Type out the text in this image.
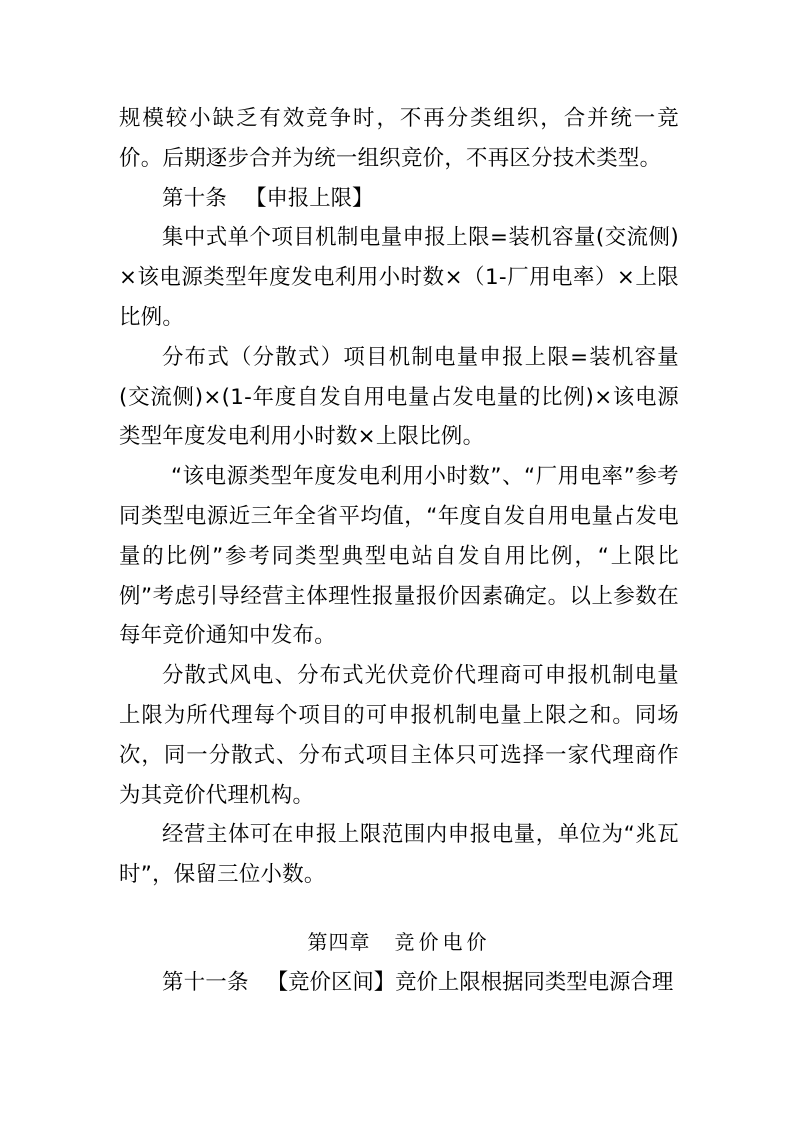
规模较小缺乏有效竞争时，不再分类组织，合并统一竞价。后期逐步合并为统一组织竞价，不再区分技术类型。

第十条 【申报上限】

集中式单个项目机制电量申报上限=装机容量(交流侧)×该电源类型年度发电利用小时数×（1-厂用电率）×上限比例。

分布式（分散式）项目机制电量申报上限=装机容量(交流侧)×(1-年度自发自用电量占发电量的比例)×该电源类型年度发电利用小时数×上限比例。

“该电源类型年度发电利用小时数”、“厂用电率”参考同类型电源近三年全省平均值，“年度自发自用电量占发电量的比例”参考同类型典型电站自发自用比例，“上限比例”考虑引导经营主体理性报量报价因素确定。以上参数在每年竞价通知中发布。

分散式风电、分布式光伏竞价代理商可申报机制电量上限为所代理每个项目的可申报机制电量上限之和。同场次，同一分散式、分布式项目主体只可选择一家代理商作为其竞价代理机构。

经营主体可在申报上限范围内申报电量，单位为“兆瓦时”，保留三位小数。

第四章 竞价电价

第十一条 【竞价区间】竞价上限根据同类型电源合理
